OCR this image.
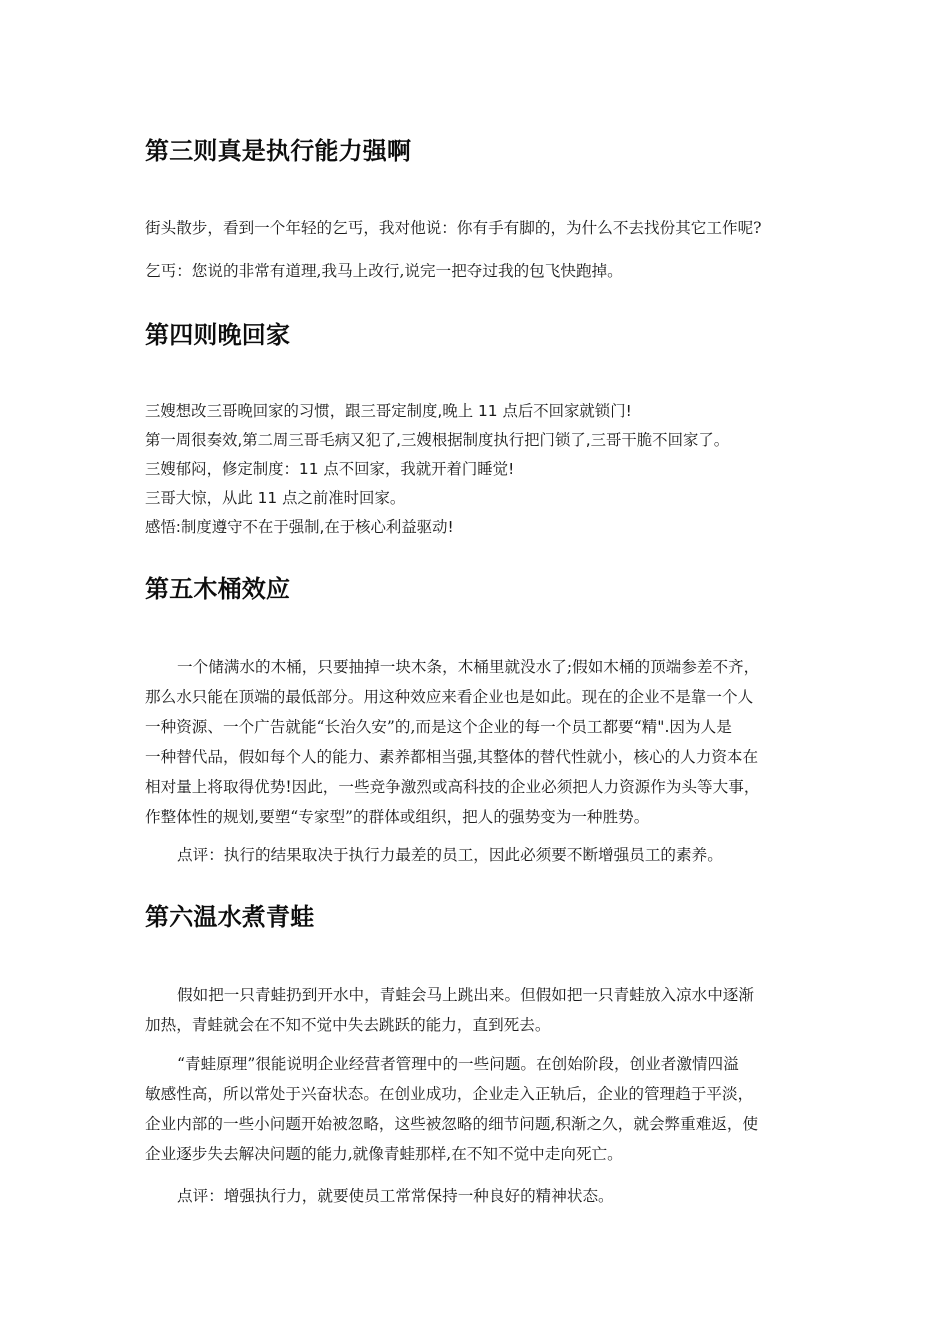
第三则真是执行能力强啊

街头散步，看到一个年轻的乞丐，我对他说：你有手有脚的，为什么不去找份其它工作呢?

乞丐：您说的非常有道理,我马上改行,说完一把夺过我的包飞快跑掉。

第四则晚回家
三嫂想改三哥晚回家的习惯，跟三哥定制度,晚上 11 点后不回家就锁门!
第一周很奏效,第二周三哥毛病又犯了,三嫂根据制度执行把门锁了,三哥干脆不回家了。
三嫂郁闷，修定制度：11 点不回家，我就开着门睡觉!
三哥大惊，从此 11 点之前准时回家。
感悟:制度遵守不在于强制,在于核心利益驱动!
第五木桶效应
一个储满水的木桶，只要抽掉一块木条，木桶里就没水了;假如木桶的顶端参差不齐，
那么水只能在顶端的最低部分。用这种效应来看企业也是如此。现在的企业不是靠一个人
一种资源、一个广告就能“长治久安”的,而是这个企业的每一个员工都要“精".因为人是
一种替代品，假如每个人的能力、素养都相当强,其整体的替代性就小，核心的人力资本在
相对量上将取得优势!因此，一些竞争激烈或高科技的企业必须把人力资源作为头等大事，
作整体性的规划,要塑“专家型”的群体或组织，把人的强势变为一种胜势。

点评：执行的结果取决于执行力最差的员工，因此必须要不断增强员工的素养。

第六温水煮青蛙
假如把一只青蛙扔到开水中，青蛙会马上跳出来。但假如把一只青蛙放入凉水中逐渐
加热，青蛙就会在不知不觉中失去跳跃的能力，直到死去。
“青蛙原理”很能说明企业经营者管理中的一些问题。在创始阶段，创业者激情四溢
敏感性高，所以常处于兴奋状态。在创业成功，企业走入正轨后，企业的管理趋于平淡，
企业内部的一些小问题开始被忽略，这些被忽略的细节问题,积渐之久，就会弊重难返，使
企业逐步失去解决问题的能力,就像青蛙那样,在不知不觉中走向死亡。

点评：增强执行力，就要使员工常常保持一种良好的精神状态。
